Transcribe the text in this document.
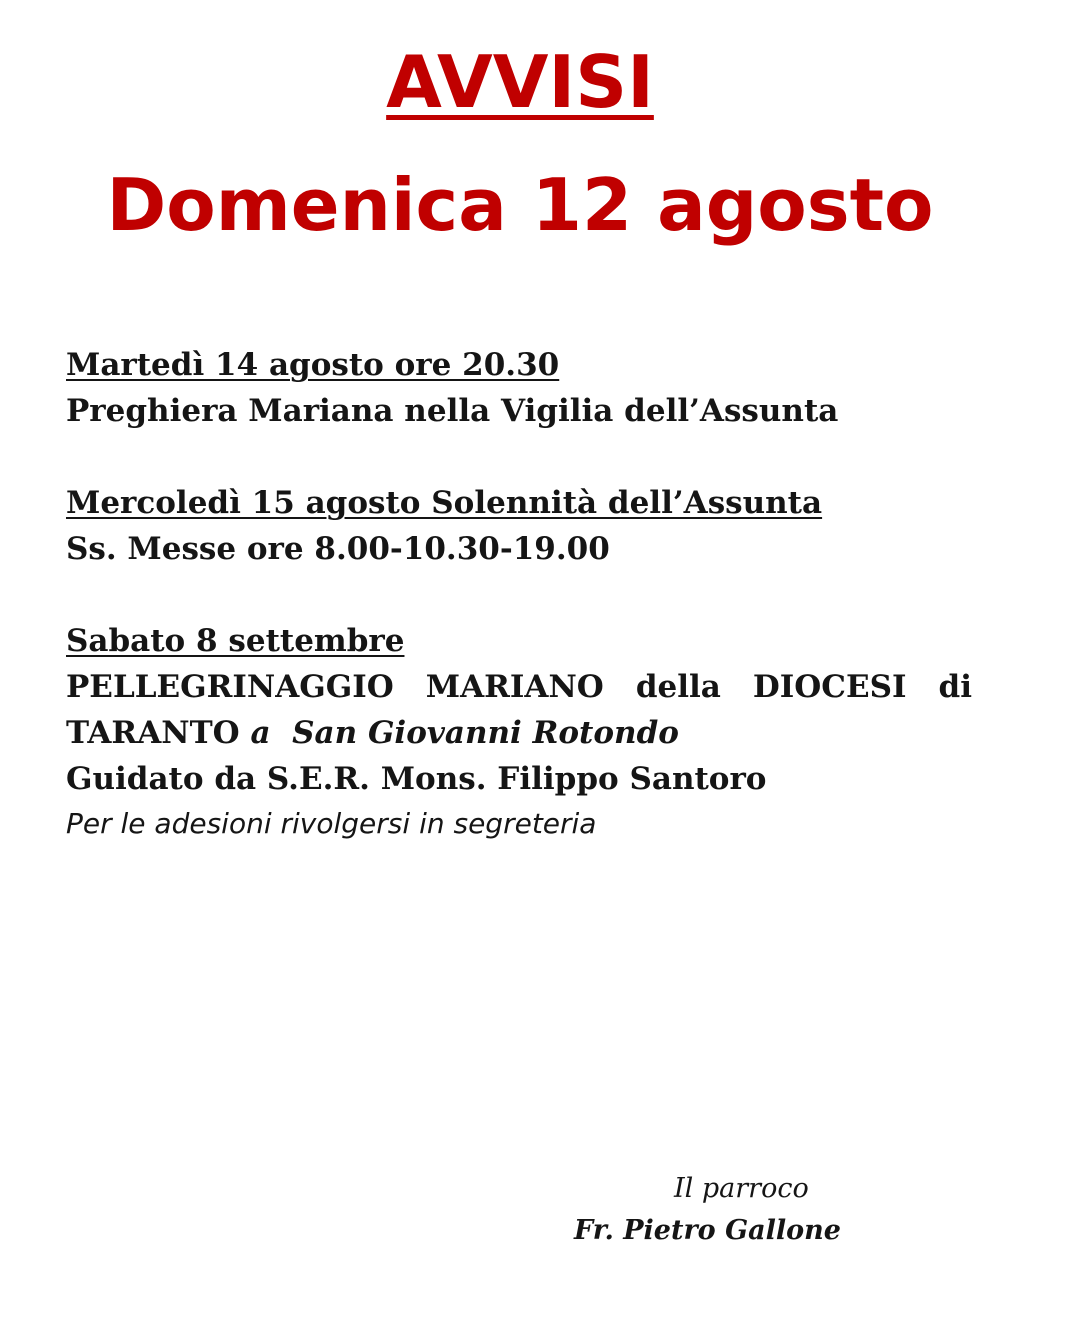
AVVISI
Domenica 12 agosto

Martedì 14 agosto ore 20.30

Preghiera Mariana nella Vigilia dell’Assunta

Mercoledì 15 agosto Solennità dell’Assunta

Ss. Messe ore 8.00-10.30-19.00

Sabato 8 settembre

PELLEGRINAGGIO MARIANO della DIOCESI di

TARANTO a San Giovanni Rotondo

Guidato da S.E.R. Mons. Filippo Santoro

Per le adesioni rivolgersi in segreteria

Il parroco

Fr. Pietro Gallone
